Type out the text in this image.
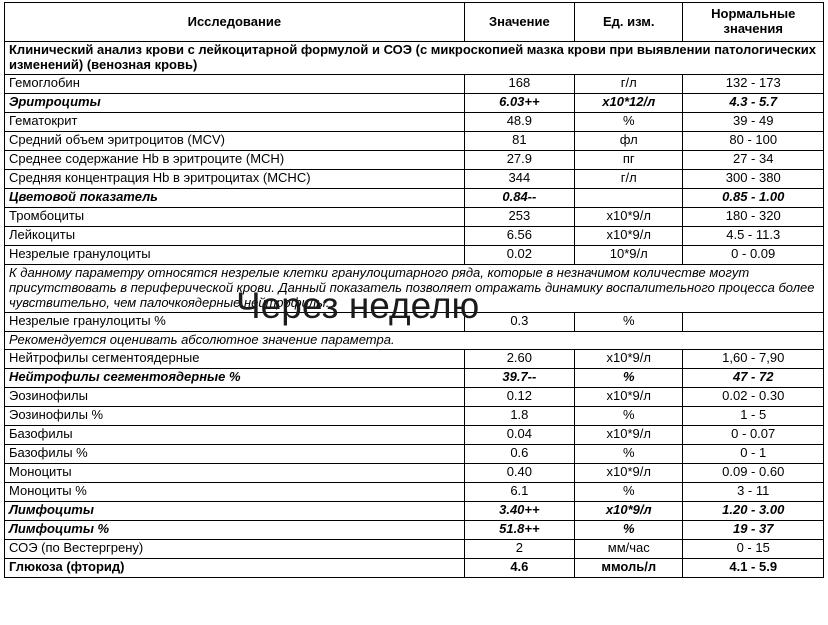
Исследование	Значение	Ед. изм.	Нормальные значения
Клинический анализ крови с лейкоцитарной формулой и СОЭ (с микроскопией мазка крови при выявлении патологических изменений) (венозная кровь)			
Гемоглобин	168	г/л	132 - 173
Эритроциты	6.03++	х10*12/л	4.3 - 5.7
Гематокрит	48.9	%	39 - 49
Средний объем эритроцитов (MCV)	81	фл	80 - 100
Среднее содержание Hb в эритроците (MCH)	27.9	пг	27 - 34
Средняя концентрация Hb в эритроцитах (MCHC)	344	г/л	300 - 380
Цветовой показатель	0.84--		0.85 - 1.00
Тромбоциты	253	х10*9/л	180 - 320
Лейкоциты	6.56	х10*9/л	4.5 - 11.3
Незрелые гранулоциты	0.02	10*9/л	0 - 0.09
К данному параметру относятся незрелые клетки гранулоцитарного ряда, которые в незначимом количестве могут присутствовать в периферической крови. Данный показатель позволяет отражать динамику воспалительного процесса более чувствительно, чем палочкоядерные нейтрофилы.			
Незрелые гранулоциты %	0.3	%	
Рекомендуется оценивать абсолютное значение параметра.			
Нейтрофилы сегментоядерные	2.60	х10*9/л	1,60 - 7,90
Нейтрофилы сегментоядерные %	39.7--	%	47 - 72
Эозинофилы	0.12	х10*9/л	0.02 - 0.30
Эозинофилы %	1.8	%	1 - 5
Базофилы	0.04	х10*9/л	0 - 0.07
Базофилы %	0.6	%	0 - 1
Моноциты	0.40	х10*9/л	0.09 - 0.60
Моноциты %	6.1	%	3 - 11
Лимфоциты	3.40++	х10*9/л	1.20 - 3.00
Лимфоциты %	51.8++	%	19 - 37
СОЭ (по Вестергрену)	2	мм/час	0 - 15
Глюкоза (фторид)	4.6	ммоль/л	4.1 - 5.9
Через неделю
